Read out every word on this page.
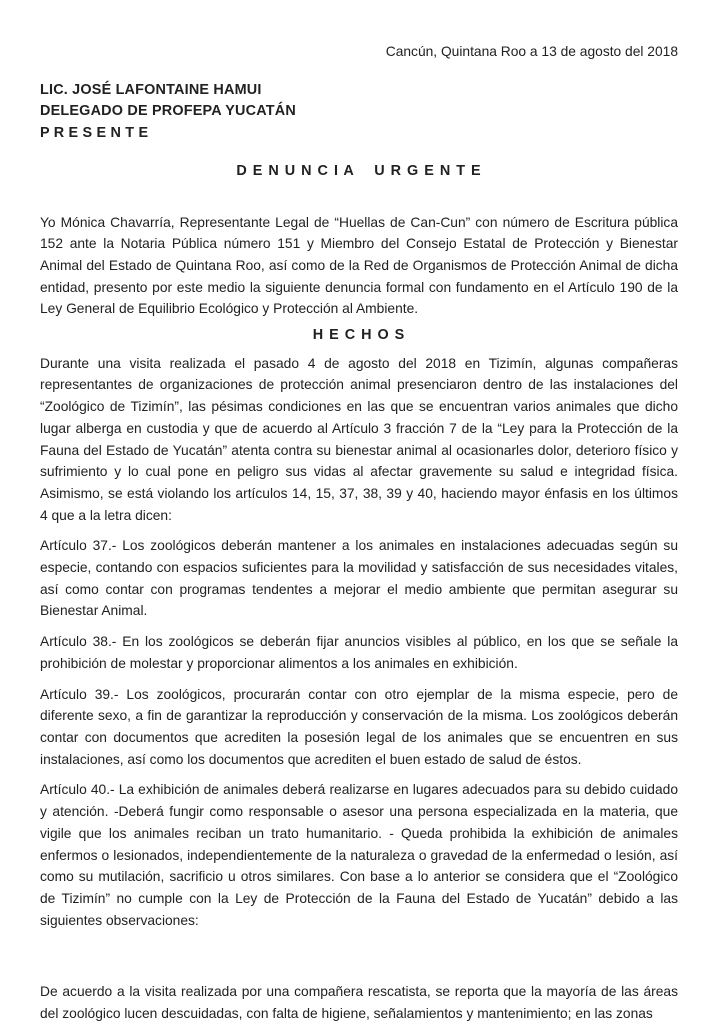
Cancún, Quintana Roo a 13 de agosto del 2018

LIC. JOSÉ LAFONTAINE HAMUI

DELEGADO DE PROFEPA YUCATÁN

P R E S E N T E

D E N U N C I A    U R G E N T E

Yo Mónica Chavarría, Representante Legal de “Huellas de Can-Cun” con número de Escritura pública 152 ante la Notaria Pública número 151 y Miembro del Consejo Estatal de Protección y Bienestar Animal del Estado de Quintana Roo, así como de la Red de Organismos de Protección Animal de dicha entidad, presento por este medio la siguiente denuncia formal con fundamento en el Artículo 190 de la Ley General de Equilibrio Ecológico y Protección al Ambiente.

H E C H O S

Durante una visita realizada el pasado 4 de agosto del 2018 en Tizimín, algunas compañeras representantes de organizaciones de protección animal presenciaron dentro de las instalaciones del “Zoológico de Tizimín”, las pésimas condiciones en las que se encuentran varios animales que dicho lugar alberga en custodia y que de acuerdo al Artículo 3 fracción 7 de la “Ley para la Protección de la Fauna del Estado de Yucatán” atenta contra su bienestar animal al ocasionarles dolor, deterioro físico y sufrimiento y lo cual pone en peligro sus vidas al afectar gravemente su salud e integridad física. Asimismo, se está violando los artículos 14, 15, 37, 38, 39 y 40, haciendo mayor énfasis en los últimos 4 que a la letra dicen:

Artículo 37.- Los zoológicos deberán mantener a los animales en instalaciones adecuadas según su especie, contando con espacios suficientes para la movilidad y satisfacción de sus necesidades vitales, así como contar con programas tendentes a mejorar el medio ambiente que permitan asegurar su Bienestar Animal.

Artículo 38.- En los zoológicos se deberán fijar anuncios visibles al público, en los que se señale la prohibición de molestar y proporcionar alimentos a los animales en exhibición.

Artículo 39.- Los zoológicos, procurarán contar con otro ejemplar de la misma especie, pero de diferente sexo, a fin de garantizar la reproducción y conservación de la misma. Los zoológicos deberán contar con documentos que acrediten la posesión legal de los animales que se encuentren en sus instalaciones, así como los documentos que acrediten el buen estado de salud de éstos.

Artículo 40.- La exhibición de animales deberá realizarse en lugares adecuados para su debido cuidado y atención. -Deberá fungir como responsable o asesor una persona especializada en la materia, que vigile que los animales reciban un trato humanitario. - Queda prohibida la exhibición de animales enfermos o lesionados, independientemente de la naturaleza o gravedad de la enfermedad o lesión, así como su mutilación, sacrificio u otros similares. Con base a lo anterior se considera que el “Zoológico de Tizimín” no cumple con la Ley de Protección de la Fauna del Estado de Yucatán” debido a las siguientes observaciones:

De acuerdo a la visita realizada por una compañera rescatista, se reporta que la mayoría de las áreas del zoológico lucen descuidadas, con falta de higiene, señalamientos y mantenimiento; en las zonas
